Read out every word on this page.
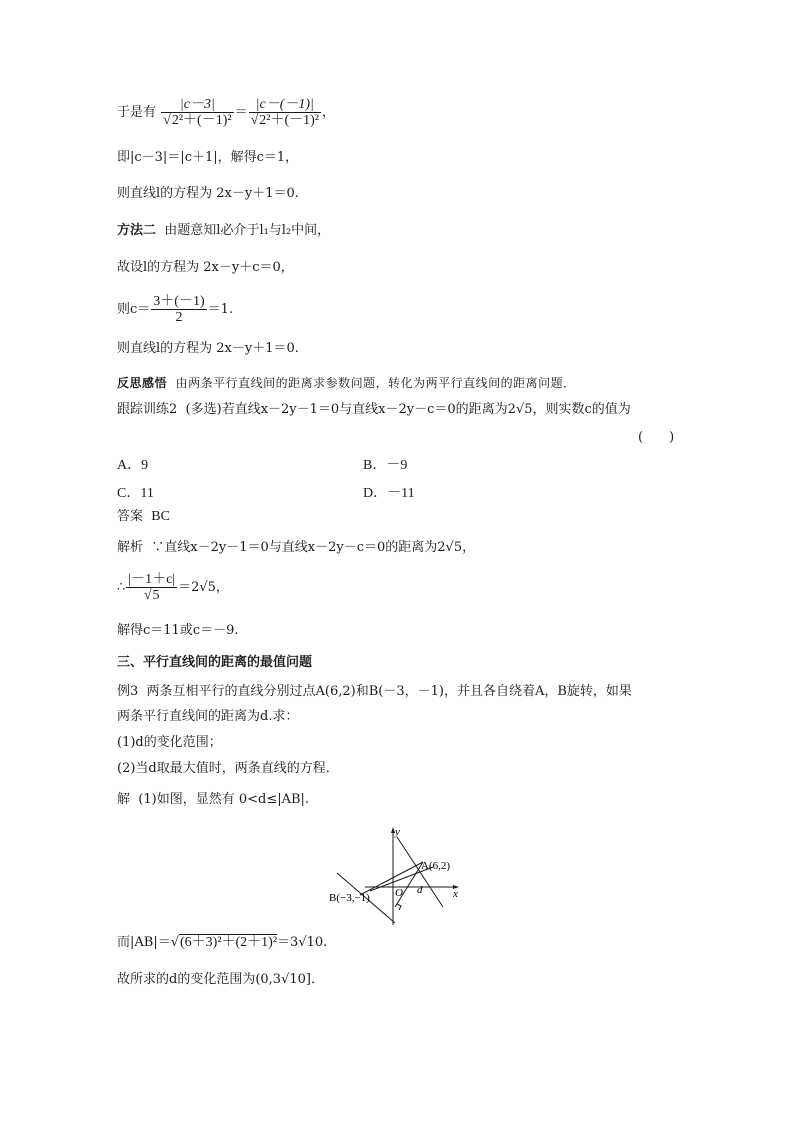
于是有 $\frac{|c-3|}{\text{√2²＋(－1)²}} = \frac{|c-(-1)|}{\text{√2²＋(－1)²}}$ ，
即|c－3|＝|c＋1|，解得c＝1，
则直线l的方程为 2x－y＋1＝0.
方法二 由题意知l必介于l₁与l₂中间，
故设l的方程为 2x－y＋c＝0，
则$c= \frac{3+(-1)}{2} =1$.
则直线l的方程为 2x－y＋1＝0.
反思感悟 由两条平行直线间的距离求参数问题，转化为两平行直线间的距离问题．
跟踪训练2 (多选)若直线x－2y－1＝0与直线x－2y－c＝0的距离为2√5，则实数c的值为
(　　)
A．9	B．－9
C．11	D．－11
答案 BC
解析 ∵直线x－2y－1＝0与直线x－2y－c＝0的距离为2√5，
∴ $\frac{|-1+c|}{√5} =2√5$，
解得c＝11或c＝－9.
三、平行直线间的距离的最值问题
例3 两条互相平行的直线分别过点A(6,2)和B(－3，－1)，并且各自绕着A，B旋转，如果
两条平行直线间的距离为d.求：
(1)d的变化范围；
(2)当d取最大值时，两条直线的方程．
解 (1)如图，显然有 0<d≤|AB|.
y
x
O
A(6,2)
B(−3,−1)
d
而|AB|＝√(6＋3)²＋(2＋1)²＝3√10.
故所求的d的变化范围为(0,3√10]．
